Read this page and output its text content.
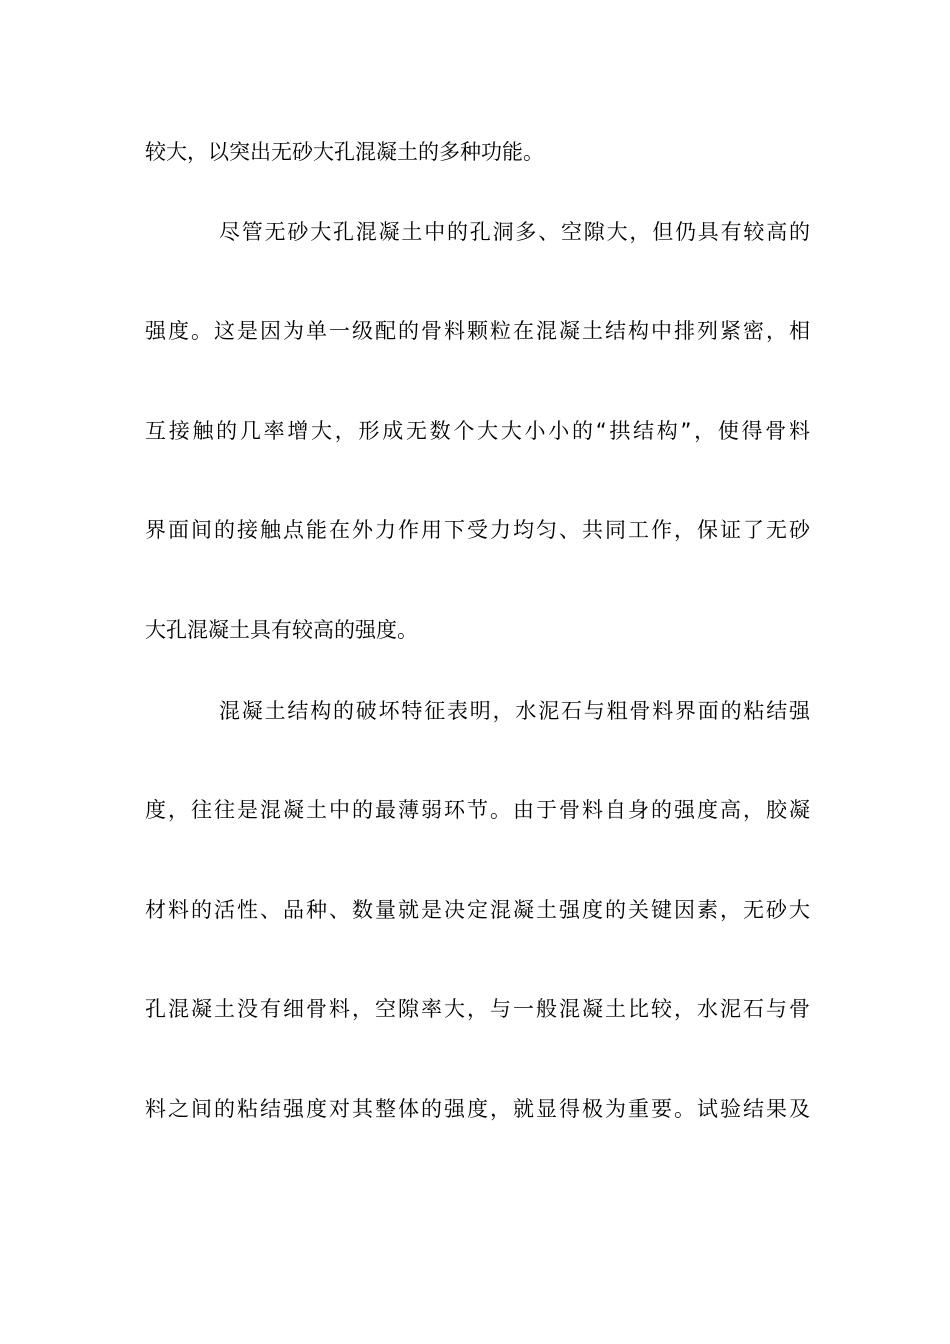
较大，以突出无砂大孔混凝土的多种功能。
尽管无砂大孔混凝土中的孔洞多、空隙大，但仍具有较高的
强度。这是因为单一级配的骨料颗粒在混凝土结构中排列紧密，相
互接触的几率增大，形成无数个大大小小的“拱结构”，使得骨料
界面间的接触点能在外力作用下受力均匀、共同工作，保证了无砂
大孔混凝土具有较高的强度。
混凝土结构的破坏特征表明，水泥石与粗骨料界面的粘结强
度，往往是混凝土中的最薄弱环节。由于骨料自身的强度高，胶凝
材料的活性、品种、数量就是决定混凝土强度的关键因素，无砂大
孔混凝土没有细骨料，空隙率大，与一般混凝土比较，水泥石与骨
料之间的粘结强度对其整体的强度，就显得极为重要。试验结果及
